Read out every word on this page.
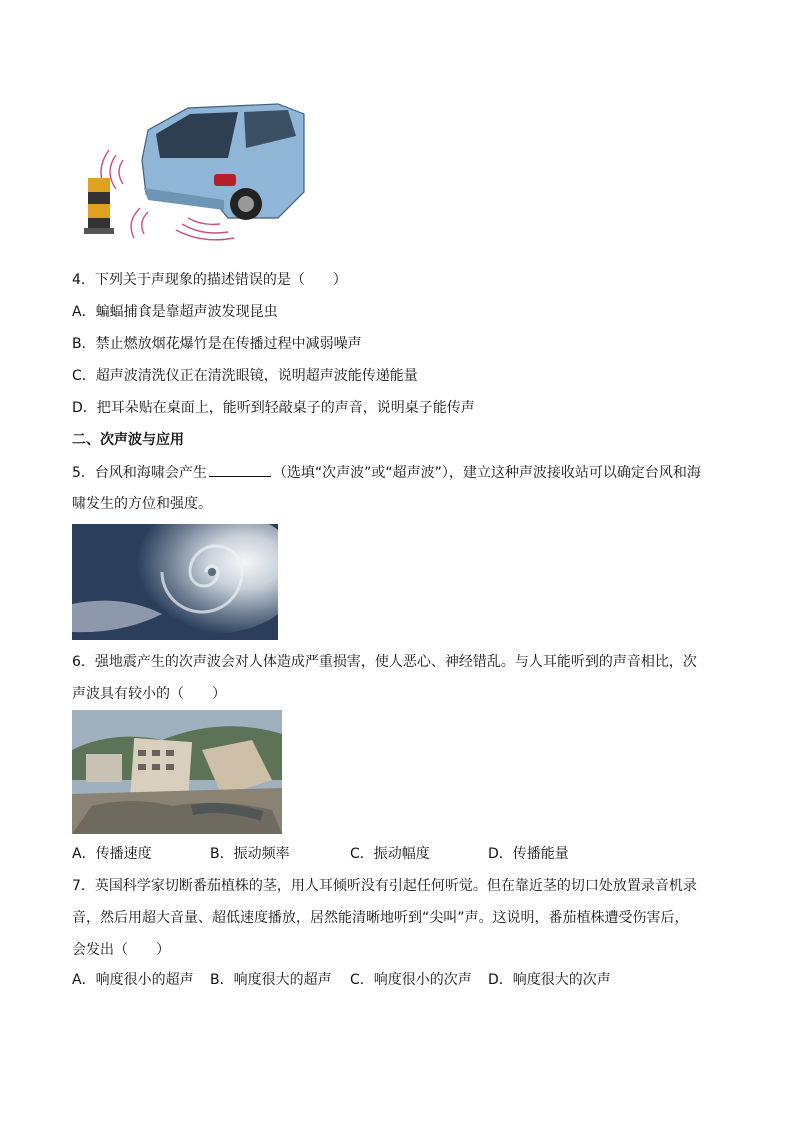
4．下列关于声现象的描述错误的是（　　）
A．蝙蝠捕食是靠超声波发现昆虫
B．禁止燃放烟花爆竹是在传播过程中减弱噪声
C．超声波清洗仪正在清洗眼镜，说明超声波能传递能量
D．把耳朵贴在桌面上，能听到轻敲桌子的声音，说明桌子能传声
二、次声波与应用
5．台风和海啸会产生	（选填“次声波”或“超声波”），建立这种声波接收站可以确定台风和海
啸发生的方位和强度。
6．强地震产生的次声波会对人体造成严重损害，使人恶心、神经错乱。与人耳能听到的声音相比，次
声波具有较小的（　　）
A．传播速度	B．振动频率	C．振动幅度	D．传播能量
7．英国科学家切断番茄植株的茎，用人耳倾听没有引起任何听觉。但在靠近茎的切口处放置录音机录
音，然后用超大音量、超低速度播放，居然能清晰地听到“尖叫”声。这说明，番茄植株遭受伤害后，
会发出（　　）
A．响度很小的超声 B．响度很大的超声 C．响度很小的次声 D．响度很大的次声
